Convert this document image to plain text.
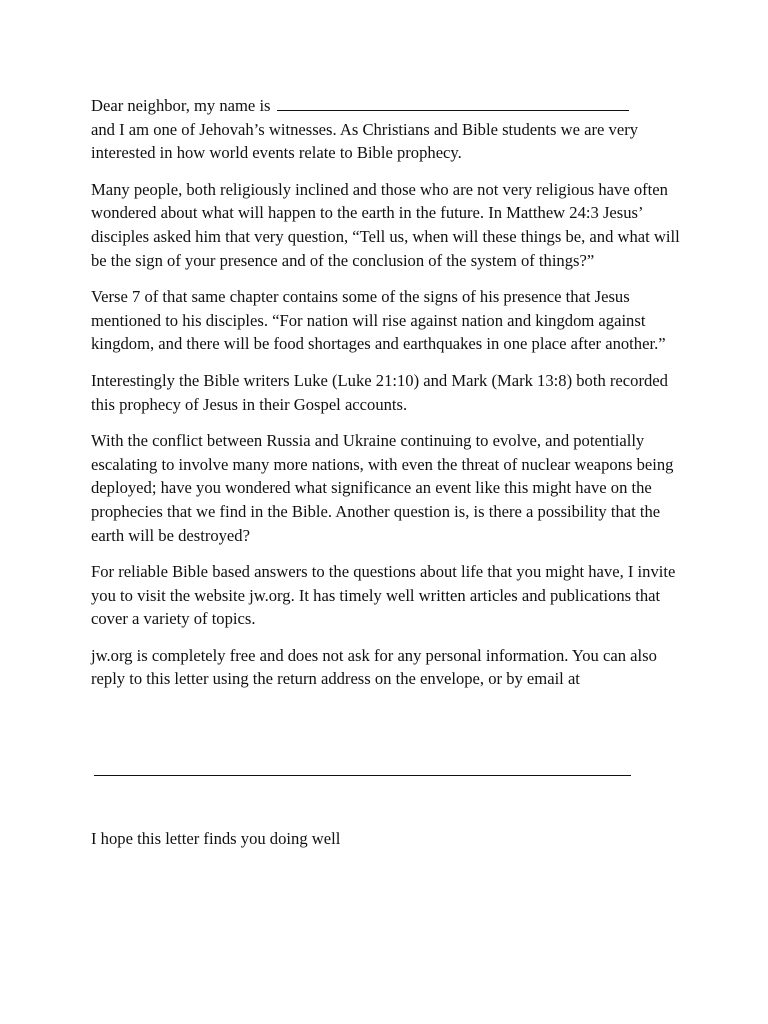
Dear neighbor, my name is
and I am one of Jehovah’s witnesses. As Christians and Bible students we are very interested in how world events relate to Bible prophecy.

Many people, both religiously inclined and those who are not very religious have often wondered about what will happen to the earth in the future. In Matthew 24:3 Jesus’ disciples asked him that very question, “Tell us, when will these things be, and what will be the sign of your presence and of the conclusion of the system of things?”

Verse 7 of that same chapter contains some of the signs of his presence that Jesus mentioned to his disciples. “For nation will rise against nation and kingdom against kingdom, and there will be food shortages and earthquakes in one place after another.”

Interestingly the Bible writers Luke (Luke 21:10) and Mark (Mark 13:8) both recorded this prophecy of Jesus in their Gospel accounts.

With the conflict between Russia and Ukraine continuing to evolve, and potentially escalating to involve many more nations, with even the threat of nuclear weapons being deployed; have you wondered what significance an event like this might have on the prophecies that we find in the Bible. Another question is, is there a possibility that the earth will be destroyed?

For reliable Bible based answers to the questions about life that you might have, I invite you to visit the website jw.org. It has timely well written articles and publications that cover a variety of topics.

jw.org is completely free and does not ask for any personal information. You can also reply to this letter using the return address on the envelope, or by email at

I hope this letter finds you doing well
